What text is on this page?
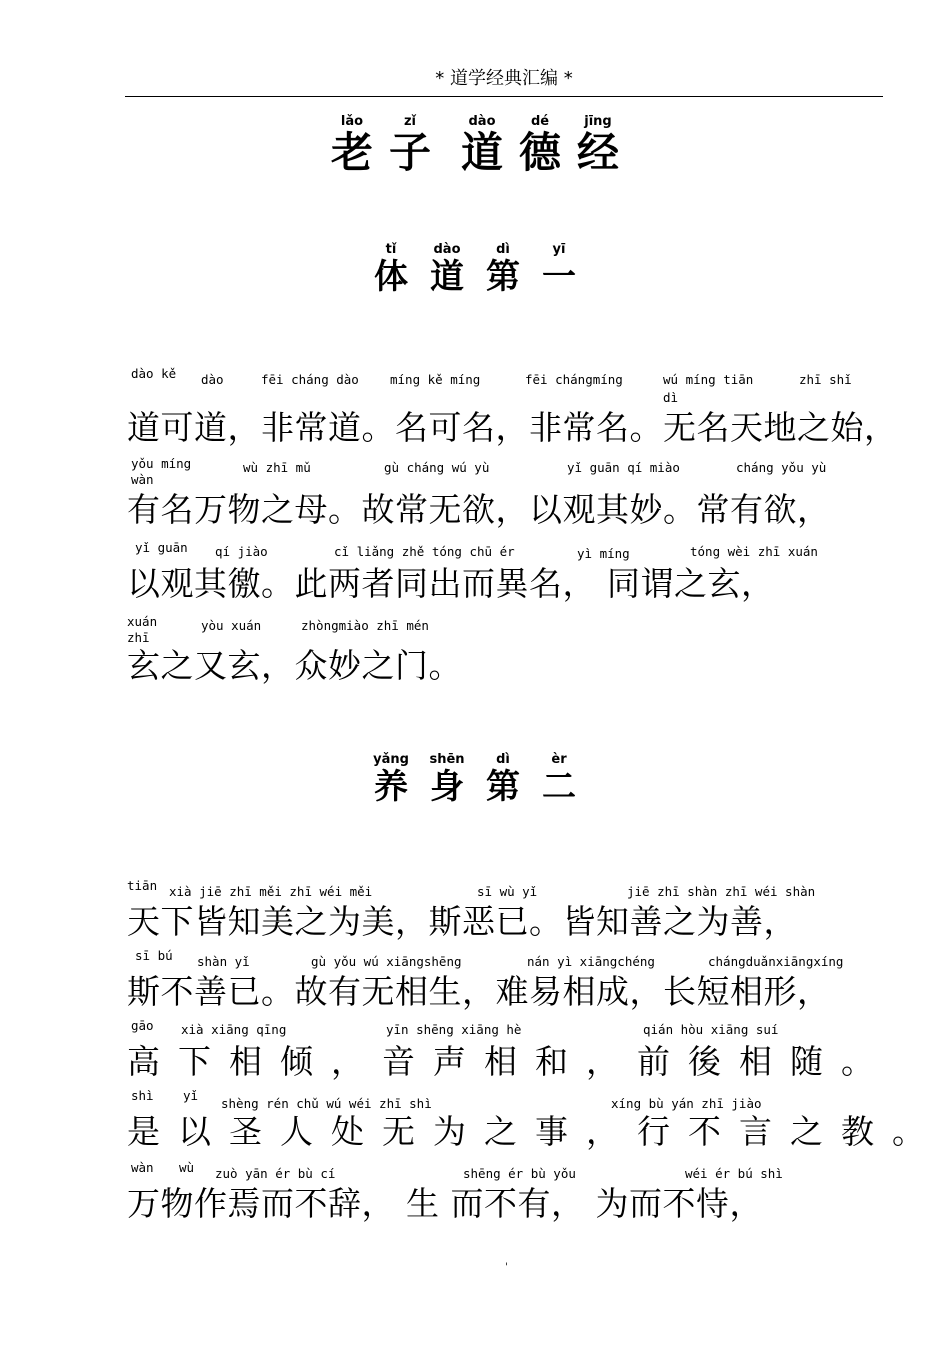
* 道学经典汇编 *
lǎo
老
zǐ
子
dào
道
dé
德
jīng
经
tǐ
体
dào
道
dì
第
yī
一
dào kě dào	fēi cháng dào míng kě míng	fēi chángmíng	wú míng tiān
dì
zhī shǐ
道可道，非常道。名可名，非常名。无名天地之始，
yǒu míng
wàn
wù zhī mǔ	gù cháng wú yù	yǐ guān qí miào	cháng yǒu yù
有名万物之母。故常无欲，以观其妙。常有欲，
yǐ guān qí jiào	cǐ liǎng zhě tóng chū ér	yì míng	tóng wèi zhī xuán
以观其徼。此两者同出而異名， 同谓之玄，
xuán
zhī
yòu xuán	zhòngmiào zhī mén
玄之又玄，众妙之门。
yǎng
养
shēn
身
dì
第
èr
二
tiān xià jiē zhī měi zhī wéi měi	sī wù yǐ	jiē zhī shàn zhī wéi shàn
天下皆知美之为美，斯恶已。皆知善之为善，
sī bú shàn yǐ	gù yǒu wú xiāngshēng	nán yì xiāngchéng	chángduǎnxiāngxíng
斯不善已。故有无相生，难易相成，长短相形，
gāo xià xiāng qīng	yīn shēng xiāng hè	qián hòu xiāng suí
高下相倾，音声相和，前後相随。
shì yǐ
shèng rén chǔ wú wéi zhī shì	xíng bù yán zhī jiào
是以圣人处无为之事，行不言之教。
wàn wù zuò yān ér bù cí	shēng ér bù yǒu	wéi ér bú shì
万物作焉而不辞， 生 而不有， 为而不恃，
'
